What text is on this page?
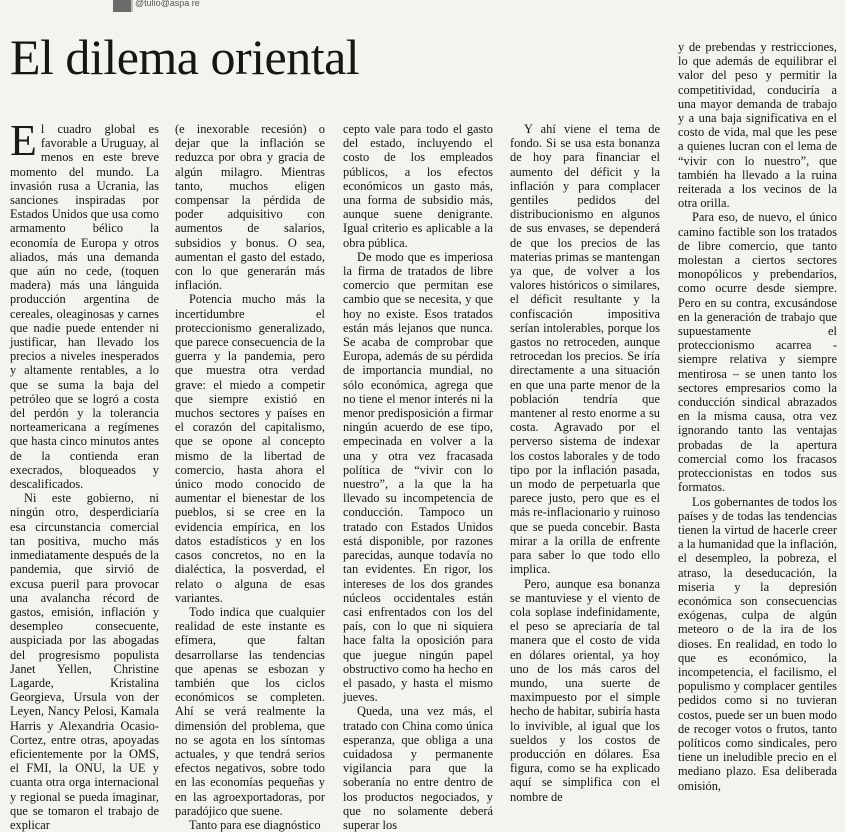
@tulio@aspa re
El dilema oriental

El cuadro global es favorable a Uruguay, al menos en este breve momento del mundo. La invasión rusa a Ucrania, las sanciones inspiradas por Estados Unidos que usa como armamento bélico la economía de Europa y otros aliados, más una demanda que aún no cede, (toquen madera) más una lánguida producción argentina de cereales, oleaginosas y carnes que nadie puede entender ni justificar, han llevado los precios a niveles inesperados y altamente rentables, a lo que se suma la baja del petróleo que se logró a costa del perdón y la tolerancia norteamericana a regímenes que hasta cinco minutos antes de la contienda eran execrados, bloqueados y descalificados.

Ni este gobierno, ni ningún otro, desperdiciaría esa circunstancia comercial tan positiva, mucho más inmediatamente después de la pandemia, que sirvió de excusa pueril para provocar una avalancha récord de gastos, emisión, inflación y desempleo consecuente, auspiciada por las abogadas del progresismo populista Janet Yellen, Christine Lagarde, Kristalina Georgieva, Ursula von der Leyen, Nancy Pelosi, Kamala Harris y Alexandria Ocasio-Cortez, entre otras, apoyadas eficientemente por la OMS, el FMI, la ONU, la UE y cuanta otra orga internacional y regional se pueda imaginar, que se tomaron el trabajo de explicar

(e inexorable recesión) o dejar que la inflación se reduzca por obra y gracia de algún milagro. Mientras tanto, muchos eligen compensar la pérdida de poder adquisitivo con aumentos de salarios, subsidios y bonus. O sea, aumentan el gasto del estado, con lo que generarán más inflación.

Potencia mucho más la incertidumbre el proteccionismo generalizado, que parece consecuencia de la guerra y la pandemia, pero que muestra otra verdad grave: el miedo a competir que siempre existió en muchos sectores y países en el corazón del capitalismo, que se opone al concepto mismo de la libertad de comercio, hasta ahora el único modo conocido de aumentar el bienestar de los pueblos, si se cree en la evidencia empírica, en los datos estadísticos y en los casos concretos, no en la dialéctica, la posverdad, el relato o alguna de esas variantes.

Todo indica que cualquier realidad de este instante es efímera, que faltan desarrollarse las tendencias que apenas se esbozan y también que los ciclos económicos se completen. Ahí se verá realmente la dimensión del problema, que no se agota en los síntomas actuales, y que tendrá serios efectos negativos, sobre todo en las economías pequeñas y en las agroexportadoras, por paradójico que suene.

Tanto para ese diagnóstico

cepto vale para todo el gasto del estado, incluyendo el costo de los empleados públicos, a los efectos económicos un gasto más, una forma de subsidio más, aunque suene denigrante. Igual criterio es aplicable a la obra pública.

De modo que es imperiosa la firma de tratados de libre comercio que permitan ese cambio que se necesita, y que hoy no existe. Esos tratados están más lejanos que nunca. Se acaba de comprobar que Europa, además de su pérdida de importancia mundial, no sólo económica, agrega que no tiene el menor interés ni la menor predisposición a firmar ningún acuerdo de ese tipo, empecinada en volver a la una y otra vez fracasada política de “vivir con lo nuestro”, a la que la ha llevado su incompetencia de conducción. Tampoco un tratado con Estados Unidos está disponible, por razones parecidas, aunque todavía no tan evidentes. En rigor, los intereses de los dos grandes núcleos occidentales están casi enfrentados con los del país, con lo que ni siquiera hace falta la oposición para que juegue ningún papel obstructivo como ha hecho en el pasado, y hasta el mismo jueves.

Queda, una vez más, el tratado con China como única esperanza, que obliga a una cuidadosa y permanente vigilancia para que la soberanía no entre dentro de los productos negociados, y que no solamente deberá superar los

Y ahí viene el tema de fondo. Si se usa esta bonanza de hoy para financiar el aumento del déficit y la inflación y para complacer gentiles pedidos del distribucionismo en algunos de sus envases, se dependerá de que los precios de las materias primas se mantengan ya que, de volver a los valores históricos o similares, el déficit resultante y la confiscación impositiva serían intolerables, porque los gastos no retroceden, aunque retrocedan los precios. Se iría directamente a una situación en que una parte menor de la población tendría que mantener al resto enorme a su costa. Agravado por el perverso sistema de indexar los costos laborales y de todo tipo por la inflación pasada, un modo de perpetuarla que parece justo, pero que es el más re-inflacionario y ruinoso que se pueda concebir. Basta mirar a la orilla de enfrente para saber lo que todo ello implica.

Pero, aunque esa bonanza se mantuviese y el viento de cola soplase indefinidamente, el peso se apreciaría de tal manera que el costo de vida en dólares oriental, ya hoy uno de los más caros del mundo, una suerte de maximpuesto por el simple hecho de habitar, subiría hasta lo invivible, al igual que los sueldos y los costos de producción en dólares. Esa figura, como se ha explicado aquí se simplifica con el nombre de

y de prebendas y restricciones, lo que además de equilibrar el valor del peso y permitir la competitividad, conduciría a una mayor demanda de trabajo y a una baja significativa en el costo de vida, mal que les pese a quienes lucran con el lema de “vivir con lo nuestro”, que también ha llevado a la ruina reiterada a los vecinos de la otra orilla.

Para eso, de nuevo, el único camino factible son los tratados de libre comercio, que tanto molestan a ciertos sectores monopólicos y prebendarios, como ocurre desde siempre. Pero en su contra, excusándose en la generación de trabajo que supuestamente el proteccionismo acarrea - siempre relativa y siempre mentirosa – se unen tanto los sectores empresarios como la conducción sindical abrazados en la misma causa, otra vez ignorando tanto las ventajas probadas de la apertura comercial como los fracasos proteccionistas en todos sus formatos.

Los gobernantes de todos los países y de todas las tendencias tienen la virtud de hacerle creer a la humanidad que la inflación, el desempleo, la pobreza, el atraso, la deseducación, la miseria y la depresión económica son consecuencias exógenas, culpa de algún meteoro o de la ira de los dioses. En realidad, en todo lo que es económico, la incompetencia, el facilismo, el populismo y complacer gentiles pedidos como si no tuvieran costos, puede ser un buen modo de recoger votos o frutos, tanto políticos como sindicales, pero tiene un ineludible precio en el mediano plazo. Esa deliberada omisión,
